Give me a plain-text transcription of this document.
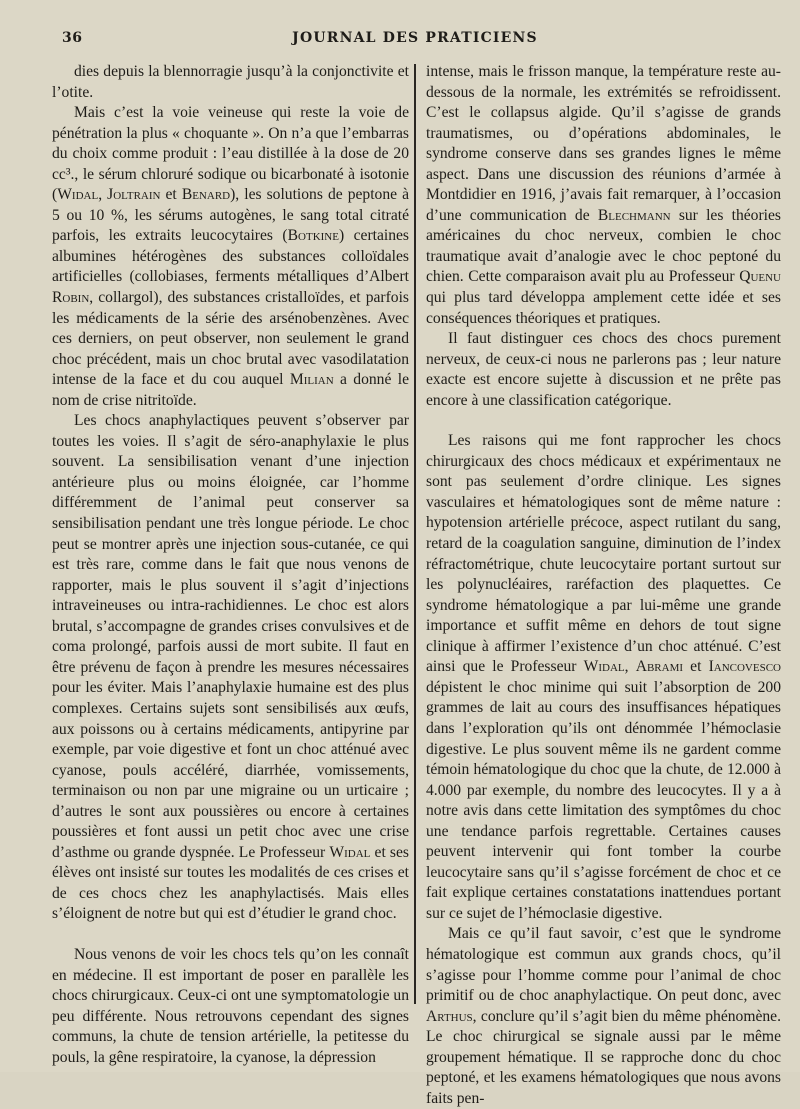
36	JOURNAL DES PRATICIENS

dies depuis la blennorragie jusqu’à la conjonctivite et l’otite.

Mais c’est la voie veineuse qui reste la voie de pénétration la plus « choquante ». On n’a que l’embarras du choix comme produit : l’eau distillée à la dose de 20 cc³., le sérum chloruré sodique ou bicarbonaté à isotonie (Widal, Joltrain et Benard), les solutions de peptone à 5 ou 10 %, les sérums autogènes, le sang total citraté parfois, les extraits leucocytaires (Botkine) certaines albumines hétérogènes des substances colloïdales artificielles (collobiases, ferments métalliques d’Albert Robin, collargol), des substances cristalloïdes, et parfois les médicaments de la série des arsénobenzènes. Avec ces derniers, on peut observer, non seulement le grand choc précédent, mais un choc brutal avec vasodilatation intense de la face et du cou auquel Milian a donné le nom de crise nitritoïde.

Les chocs anaphylactiques peuvent s’observer par toutes les voies. Il s’agit de séro-anaphylaxie le plus souvent. La sensibilisation venant d’une injection antérieure plus ou moins éloignée, car l’homme différemment de l’animal peut conserver sa sensibilisation pendant une très longue période. Le choc peut se montrer après une injection sous-cutanée, ce qui est très rare, comme dans le fait que nous venons de rapporter, mais le plus souvent il s’agit d’injections intraveineuses ou intra-rachidiennes. Le choc est alors brutal, s’accompagne de grandes crises convulsives et de coma prolongé, parfois aussi de mort subite. Il faut en être prévenu de façon à prendre les mesures nécessaires pour les éviter. Mais l’anaphylaxie humaine est des plus complexes. Certains sujets sont sensibilisés aux œufs, aux poissons ou à certains médicaments, antipyrine par exemple, par voie digestive et font un choc atténué avec cyanose, pouls accéléré, diarrhée, vomissements, terminaison ou non par une migraine ou un urticaire ; d’autres le sont aux poussières ou encore à certaines poussières et font aussi un petit choc avec une crise d’asthme ou grande dyspnée. Le Professeur Widal et ses élèves ont insisté sur toutes les modalités de ces crises et de ces chocs chez les anaphylactisés. Mais elles s’éloignent de notre but qui est d’étudier le grand choc.

Nous venons de voir les chocs tels qu’on les connaît en médecine. Il est important de poser en parallèle les chocs chirurgicaux. Ceux-ci ont une symptomatologie un peu différente. Nous retrouvons cependant des signes communs, la chute de tension artérielle, la petitesse du pouls, la gêne respiratoire, la cyanose, la dépression

intense, mais le frisson manque, la température reste au-dessous de la normale, les extrémités se refroidissent. C’est le collapsus algide. Qu’il s’agisse de grands traumatismes, ou d’opérations abdominales, le syndrome conserve dans ses grandes lignes le même aspect. Dans une discussion des réunions d’armée à Montdidier en 1916, j’avais fait remarquer, à l’occasion d’une communication de Blechmann sur les théories américaines du choc nerveux, combien le choc traumatique avait d’analogie avec le choc peptoné du chien. Cette comparaison avait plu au Professeur Quenu qui plus tard développa amplement cette idée et ses conséquences théoriques et pratiques.

Il faut distinguer ces chocs des chocs purement nerveux, de ceux-ci nous ne parlerons pas ; leur nature exacte est encore sujette à discussion et ne prête pas encore à une classification catégorique.

Les raisons qui me font rapprocher les chocs chirurgicaux des chocs médicaux et expérimentaux ne sont pas seulement d’ordre clinique. Les signes vasculaires et hématologiques sont de même nature : hypotension artérielle précoce, aspect rutilant du sang, retard de la coagulation sanguine, diminution de l’index réfractométrique, chute leucocytaire portant surtout sur les polynucléaires, raréfaction des plaquettes. Ce syndrome hématologique a par lui-même une grande importance et suffit même en dehors de tout signe clinique à affirmer l’existence d’un choc atténué. C’est ainsi que le Professeur Widal, Abrami et Iancovesco dépistent le choc minime qui suit l’absorption de 200 grammes de lait au cours des insuffisances hépatiques dans l’exploration qu’ils ont dénommée l’hémoclasie digestive. Le plus souvent même ils ne gardent comme témoin hématologique du choc que la chute, de 12.000 à 4.000 par exemple, du nombre des leucocytes. Il y a à notre avis dans cette limitation des symptômes du choc une tendance parfois regrettable. Certaines causes peuvent intervenir qui font tomber la courbe leucocytaire sans qu’il s’agisse forcément de choc et ce fait explique certaines constatations inattendues portant sur ce sujet de l’hémoclasie digestive.

Mais ce qu’il faut savoir, c’est que le syndrome hématologique est commun aux grands chocs, qu’il s’agisse pour l’homme comme pour l’animal de choc primitif ou de choc anaphylactique. On peut donc, avec Arthus, conclure qu’il s’agit bien du même phénomène. Le choc chirurgical se signale aussi par le même groupement hématique. Il se rapproche donc du choc peptoné, et les examens hématologiques que nous avons faits pen-
